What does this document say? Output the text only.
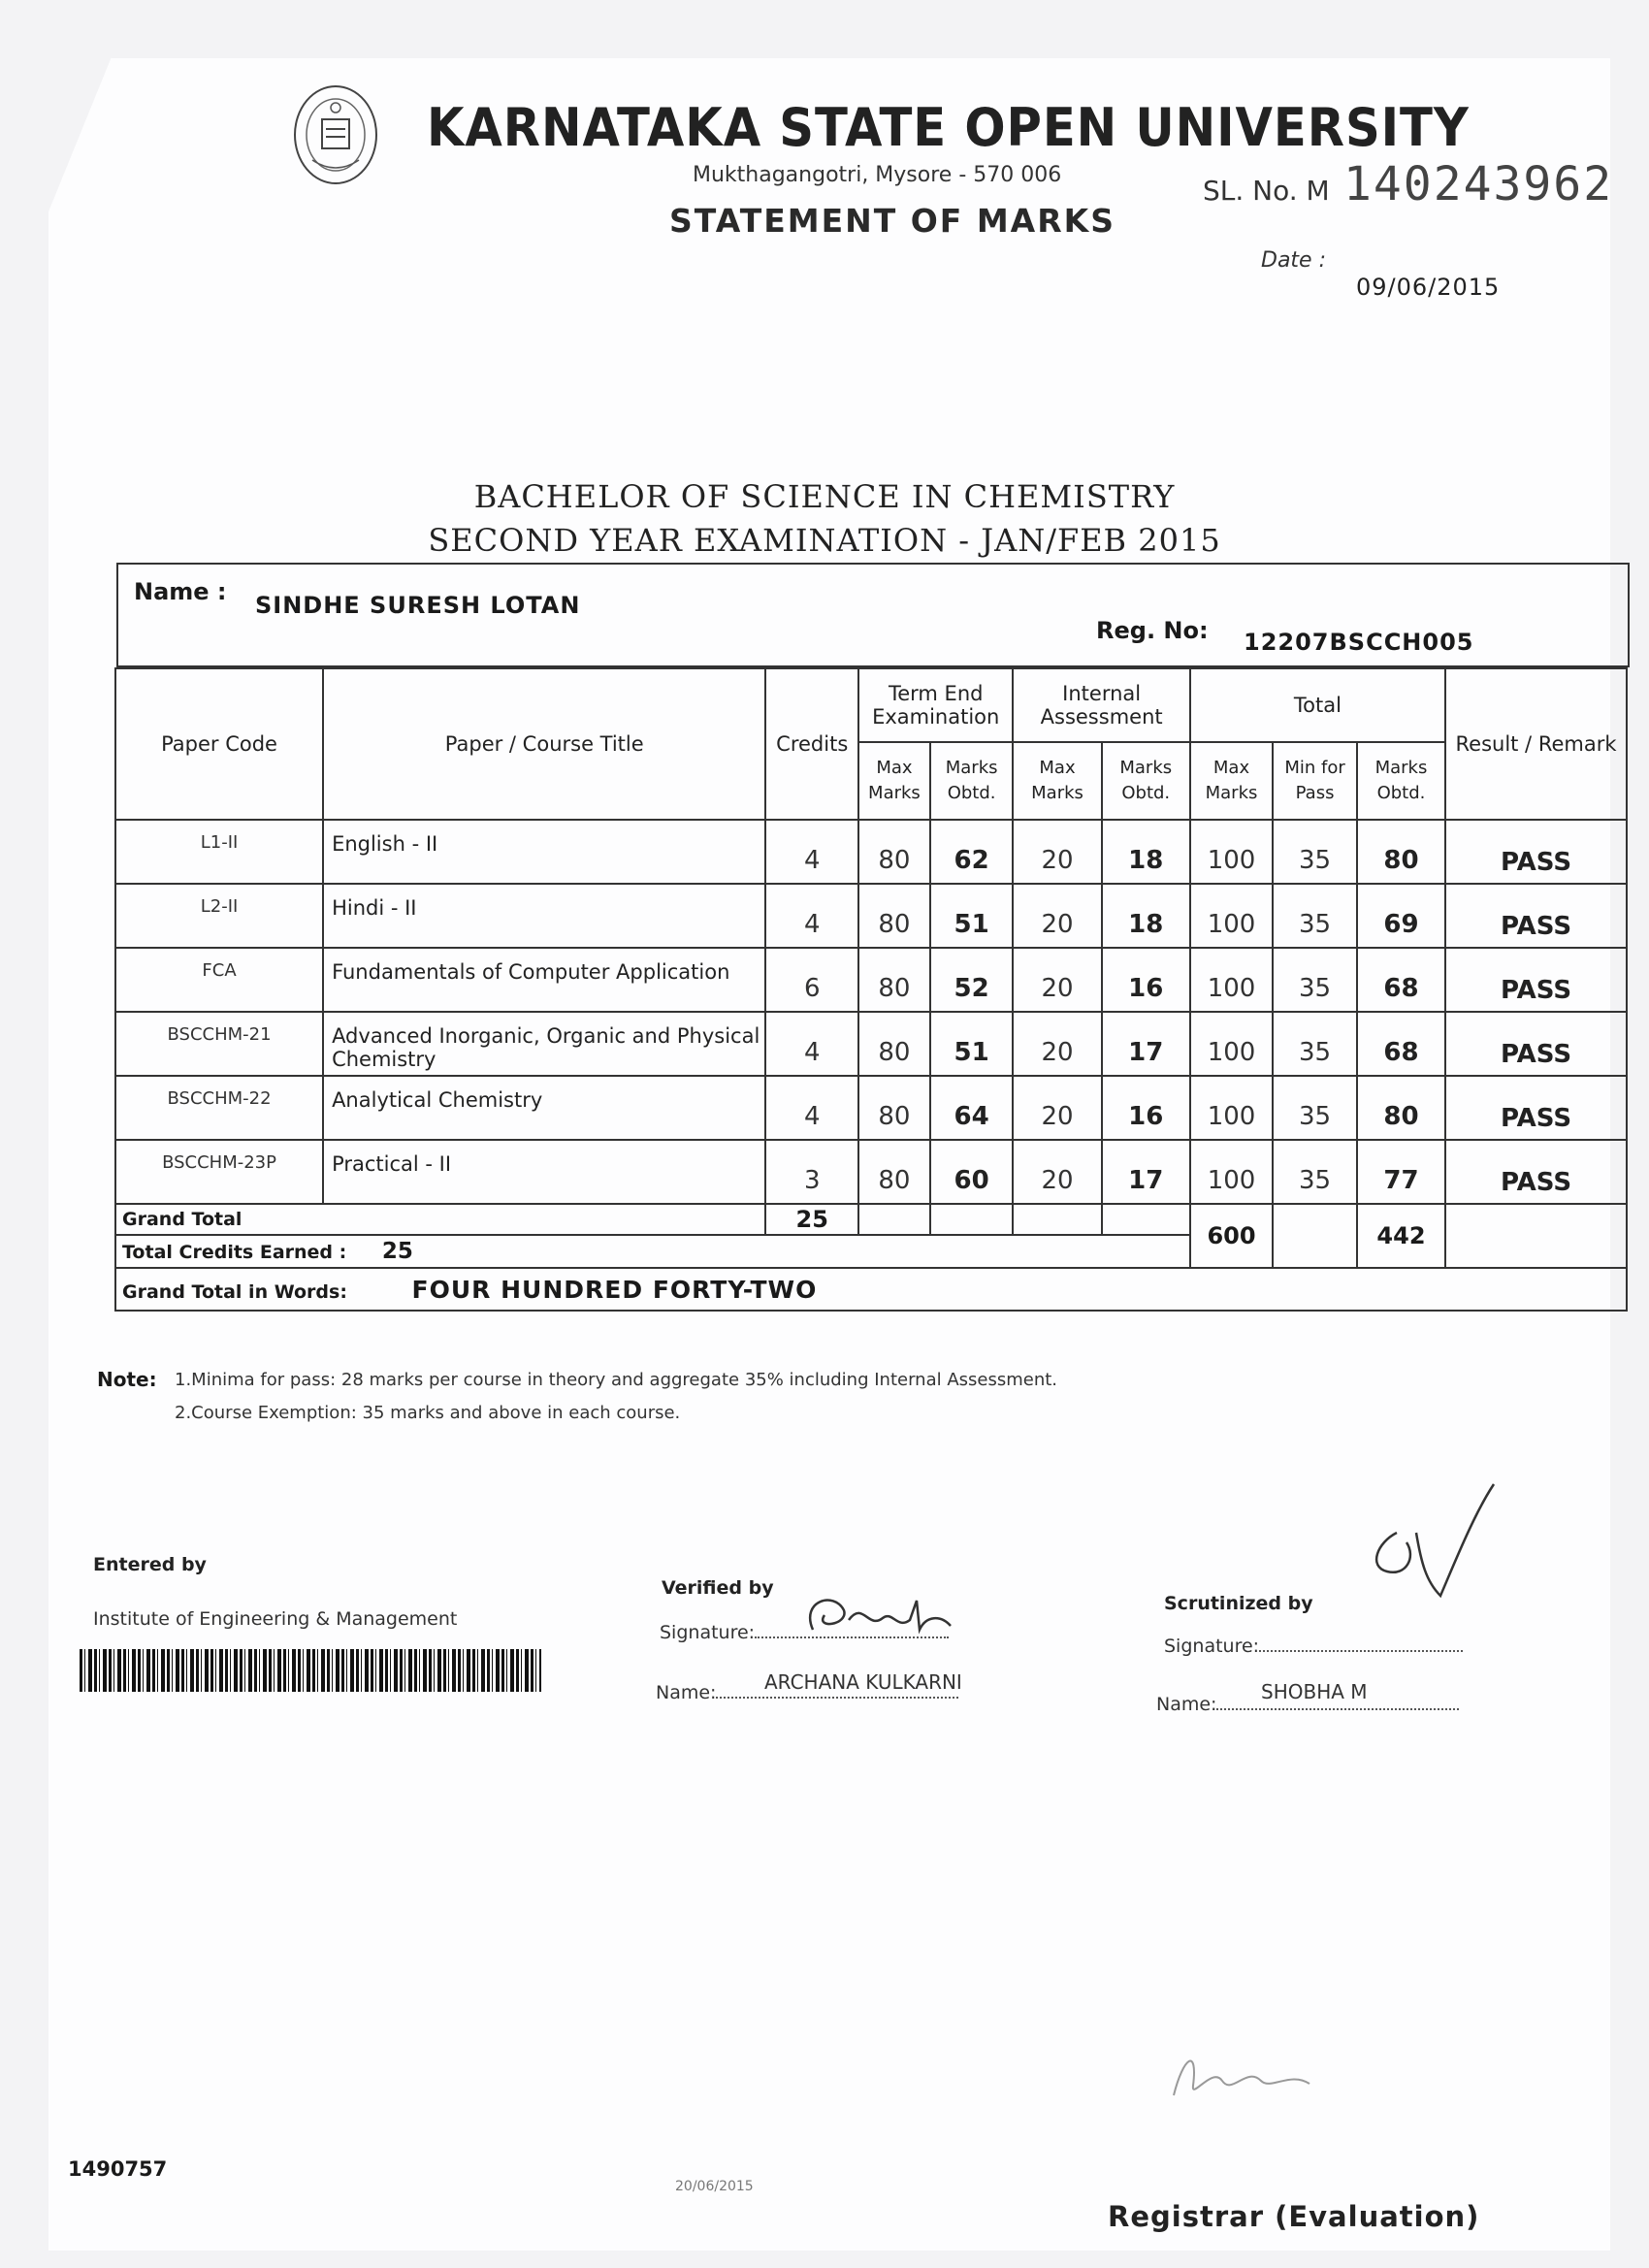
KARNATAKA STATE OPEN UNIVERSITY
Mukthagangotri, Mysore - 570 006
STATEMENT OF MARKS
SL. No. M 140243962
Date :
09/06/2015
BACHELOR OF SCIENCE IN CHEMISTRY
SECOND YEAR EXAMINATION - JAN/FEB 2015
Name : SINDHE SURESH LOTAN
Reg. No: 12207BSCCH005
Paper Code	Paper / Course Title	Credits	Term End Examination		Internal Assessment		Total			Result / Remark
			Max Marks	Marks Obtd.	Max Marks	Marks Obtd.	Max Marks	Min for Pass	Marks Obtd.	
L1-II	English - II	4	80	62	20	18	100	35	80	PASS
L2-II	Hindi - II	4	80	51	20	18	100	35	69	PASS
FCA	Fundamentals of Computer Application	6	80	52	20	16	100	35	68	PASS
BSCCHM-21	Advanced Inorganic, Organic and Physical Chemistry	4	80	51	20	17	100	35	68	PASS
BSCCHM-22	Analytical Chemistry	4	80	64	20	16	100	35	80	PASS
BSCCHM-23P	Practical - II	3	80	60	20	17	100	35	77	PASS
Grand Total		25					600		442	
Total Credits Earned : 25										
Grand Total in Words: FOUR HUNDRED FORTY-TWO										
Note: 1.Minima for pass: 28 marks per course in theory and aggregate 35% including Internal Assessment.
2.Course Exemption: 35 marks and above in each course.
Entered by
Institute of Engineering & Management
Verified by
Signature:
Name:	ARCHANA KULKARNI
Scrutinized by
Signature:
Name:
SHOBHA M
1490757
20/06/2015
Registrar (Evaluation)
